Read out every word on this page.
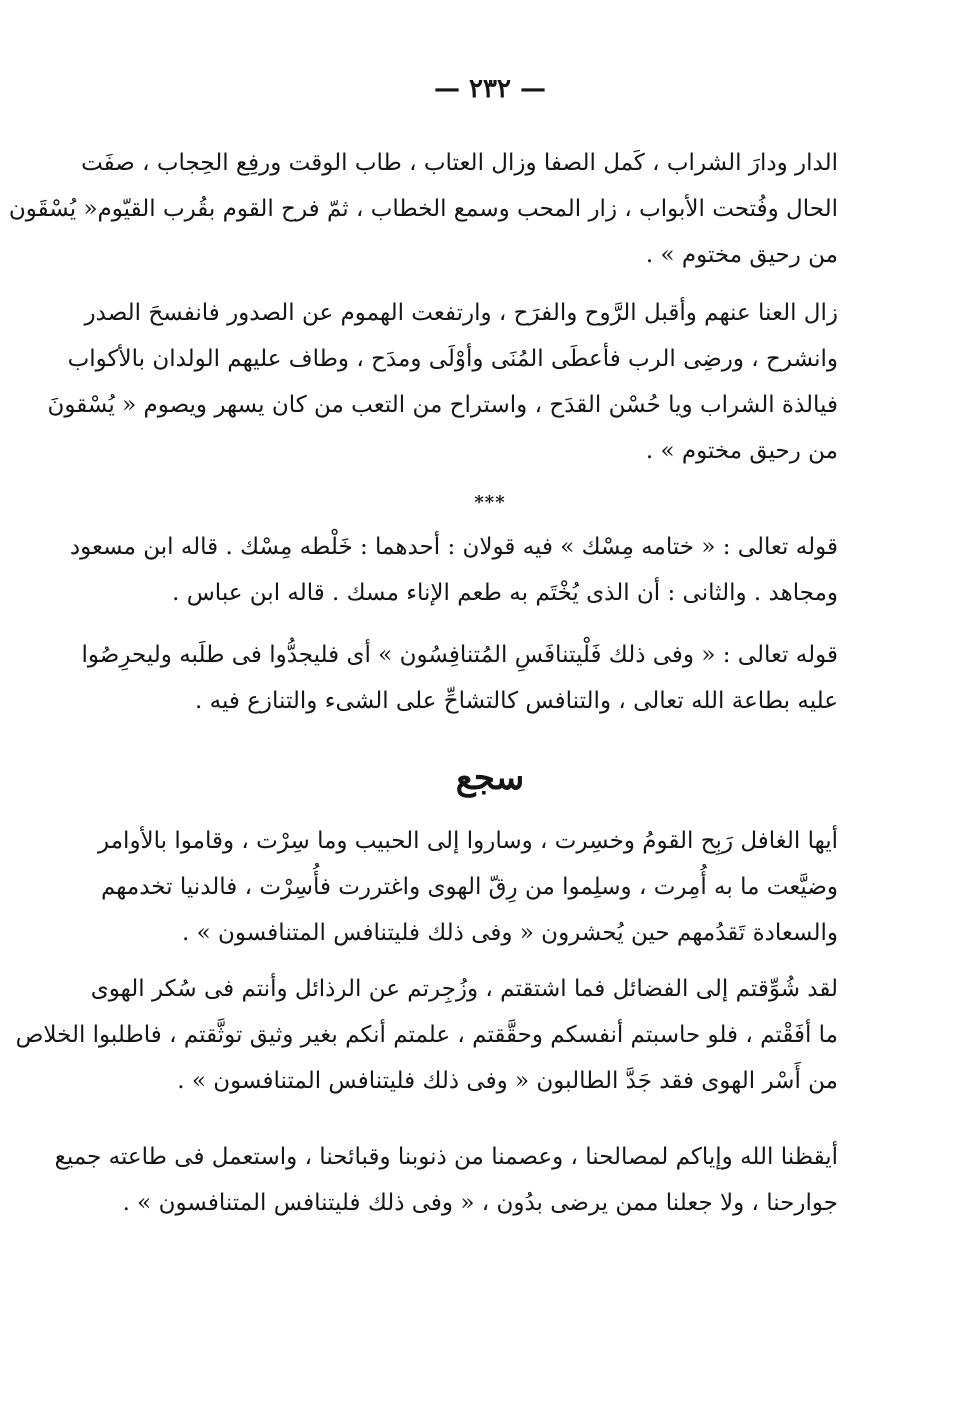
— ٢٣٢ —
الدار ودارَ الشراب ، كَمل الصفا وزال العتاب ، طاب الوقت ورفِع الحِجاب ، صفَت
الحال وفُتحت الأبواب ، زار المحب وسمع الخطاب ، ثمّ فرح القوم بقُرب القيّوم« يُسْقَون
من رحيق مختوم » .
زال العنا عنهم وأقبل الرَّوح والفرَح ، وارتفعت الهموم عن الصدور فانفسحَ الصدر
وانشرح ، ورضِى الرب فأعطَى المُنَى وأوْلَى ومدَح ، وطاف عليهم الولدان بالأكواب
فيالذة الشراب ويا حُسْن القدَح ، واستراح من التعب من كان يسهر ويصوم « يُسْقونَ
من رحيق مختوم » .
***
قوله تعالى : « ختامه مِسْك » فيه قولان : أحدهما : خَلْطه مِسْك . قاله ابن مسعود
ومجاهد . والثانى : أن الذى يُخْتَم به طعم الإناء مسك . قاله ابن عباس .
قوله تعالى : « وفى ذلك فَلْيتنافَسِ المُتنافِسُون » أى فليجدُّوا فى طلَبه وليحرِصُوا
عليه بطاعة الله تعالى ، والتنافس كالتشاحِّ على الشىء والتنازع فيه .
سجع
أيها الغافل رَبِح القومُ وخسِرت ، وساروا إلى الحبيب وما سِرْت ، وقاموا بالأوامر
وضيَّعت ما به أُمِرت ، وسلِموا من رِقّ الهوى واغتررت فأُسِرْت ، فالدنيا تخدمهم
والسعادة تَقدُمهم حين يُحشرون « وفى ذلك فليتنافس المتنافسون » .
لقد شُوِّقتم إلى الفضائل فما اشتقتم ، وزُجِرتم عن الرذائل وأنتم فى سُكر الهوى
ما أفَقْتم ، فلو حاسبتم أنفسكم وحقَّقتم ، علمتم أنكم بغير وثيق توثَّقتم ، فاطلبوا الخلاص
من أَسْر الهوى فقد جَدَّ الطالبون « وفى ذلك فليتنافس المتنافسون » .
أيقظنا الله وإياكم لمصالحنا ، وعصمنا من ذنوبنا وقبائحنا ، واستعمل فى طاعته جميع
جوارحنا ، ولا جعلنا ممن يرضى بدُون ، « وفى ذلك فليتنافس المتنافسون » .
